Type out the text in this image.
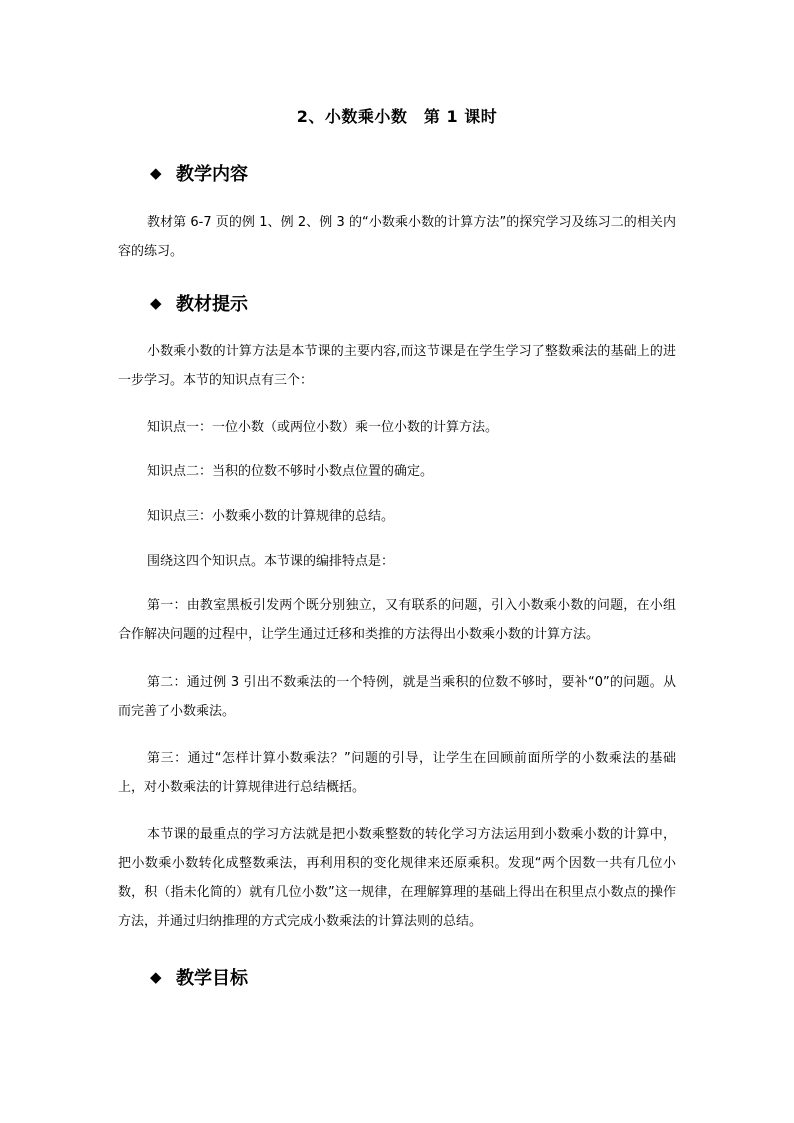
2、小数乘小数　第 1 课时
◆ 教学内容
教材第 6-7 页的例 1、例 2、例 3 的“小数乘小数的计算方法”的探究学习及练习二的相关内容的练习。
◆ 教材提示
小数乘小数的计算方法是本节课的主要内容,而这节课是在学生学习了整数乘法的基础上的进一步学习。本节的知识点有三个：
知识点一：一位小数（或两位小数）乘一位小数的计算方法。
知识点二：当积的位数不够时小数点位置的确定。
知识点三：小数乘小数的计算规律的总结。
围绕这四个知识点。本节课的编排特点是：
第一：由教室黑板引发两个既分别独立，又有联系的问题，引入小数乘小数的问题，在小组合作解决问题的过程中，让学生通过迁移和类推的方法得出小数乘小数的计算方法。
第二：通过例 3 引出不数乘法的一个特例，就是当乘积的位数不够时，要补“0”的问题。从而完善了小数乘法。
第三：通过“怎样计算小数乘法？”问题的引导，让学生在回顾前面所学的小数乘法的基础上，对小数乘法的计算规律进行总结概括。
本节课的最重点的学习方法就是把小数乘整数的转化学习方法运用到小数乘小数的计算中，把小数乘小数转化成整数乘法，再利用积的变化规律来还原乘积。发现“两个因数一共有几位小数，积（指未化简的）就有几位小数”这一规律，在理解算理的基础上得出在积里点小数点的操作方法，并通过归纳推理的方式完成小数乘法的计算法则的总结。
◆ 教学目标
